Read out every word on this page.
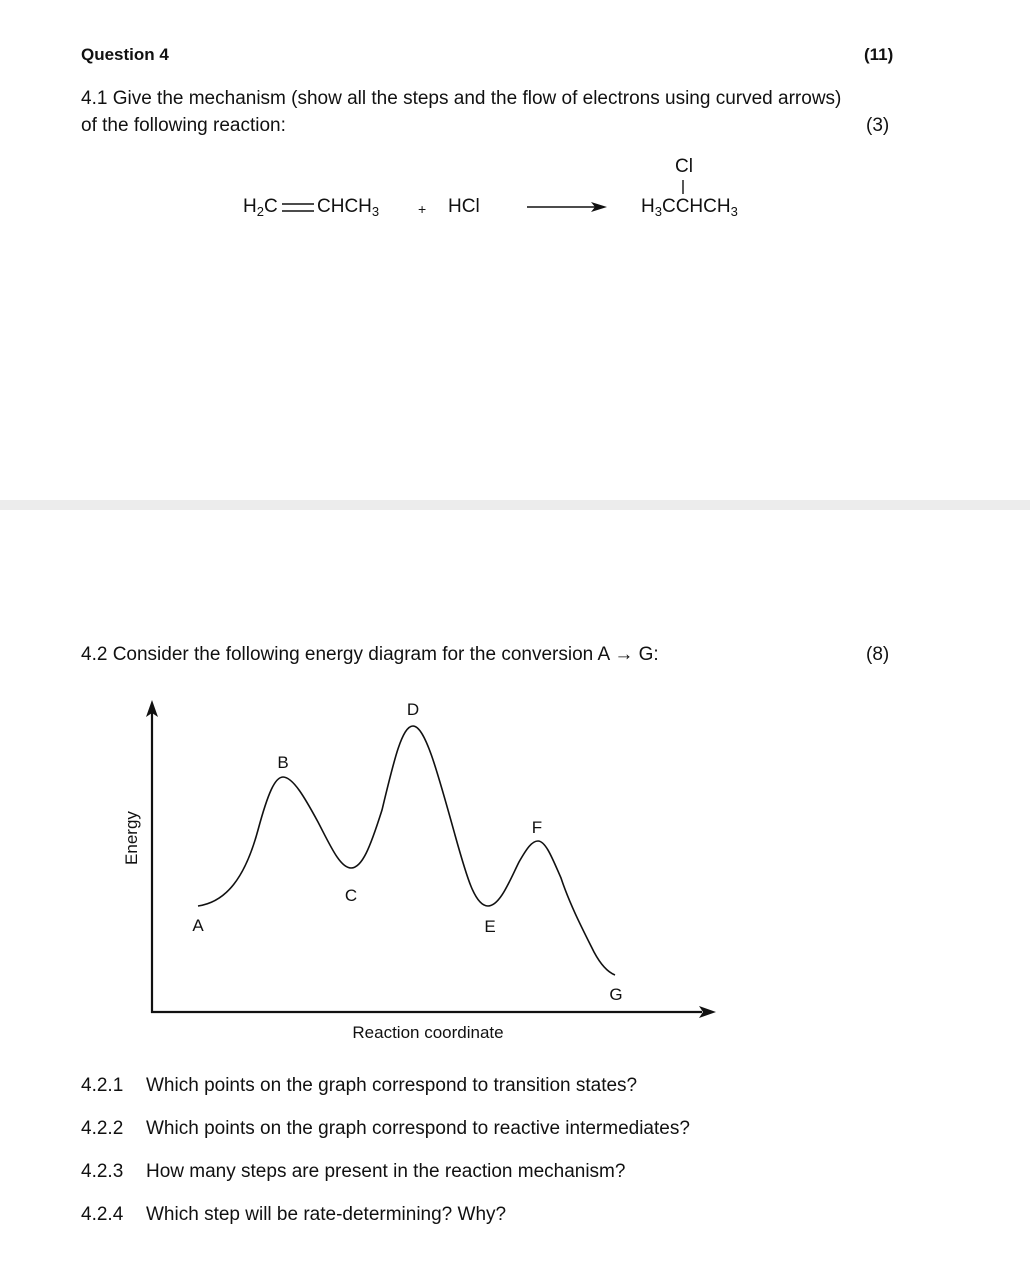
Question 4	(11)
4.1 Give the mechanism (show all the steps and the flow of electrons using curved arrows)
of the following reaction:	(3)
$H_2C$ $CHCH_3$	+ HCl
Cl
$H_3CCHCH_3$
4.2 Consider the following energy diagram for the conversion A → G:	(8)
Energy
Reaction coordinate
A
B
C
D
E
F
G
4.2.1 Which points on the graph correspond to transition states?
4.2.2 Which points on the graph correspond to reactive intermediates?
4.2.3 How many steps are present in the reaction mechanism?
4.2.4 Which step will be rate-determining? Why?
